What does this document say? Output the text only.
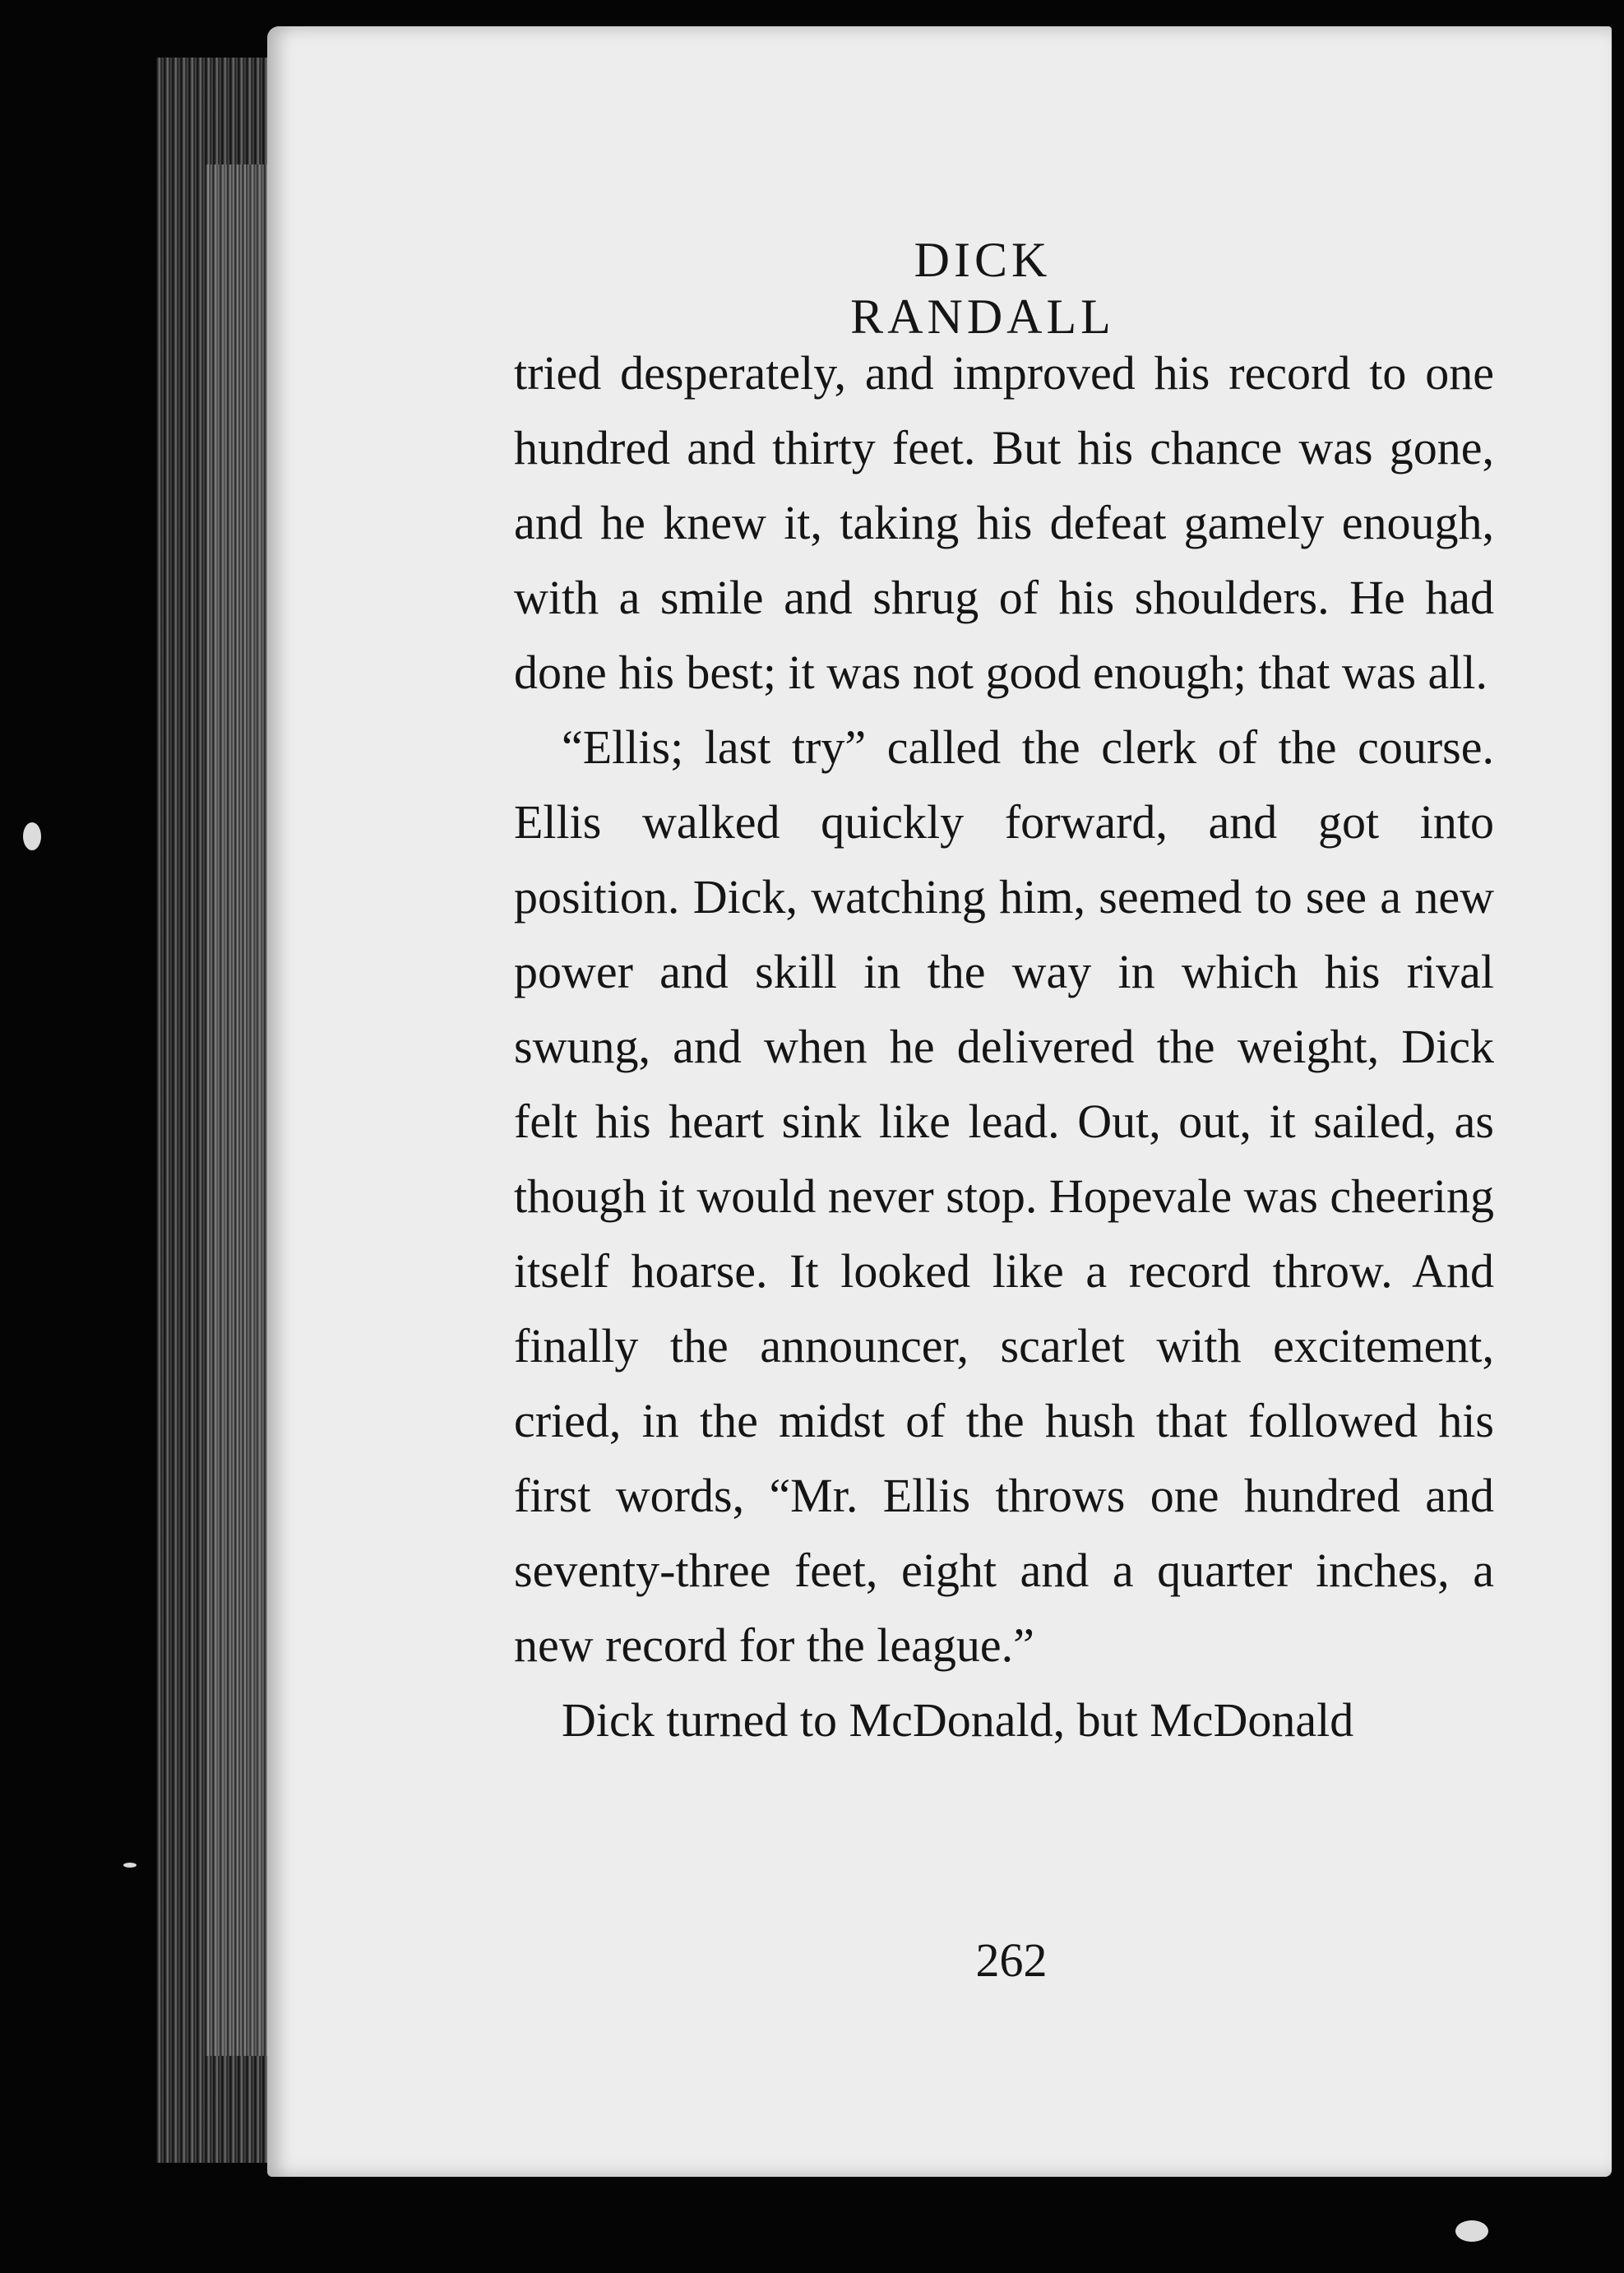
DICK RANDALL

tried desperately, and improved his record to one hundred and thirty feet. But his chance was gone, and he knew it, taking his defeat gamely enough, with a smile and shrug of his shoulders. He had done his best; it was not good enough; that was all.

“Ellis; last try” called the clerk of the course. Ellis walked quickly forward, and got into position. Dick, watching him, seemed to see a new power and skill in the way in which his rival swung, and when he delivered the weight, Dick felt his heart sink like lead. Out, out, it sailed, as though it would never stop. Hopevale was cheering itself hoarse. It looked like a record throw. And finally the announcer, scarlet with excitement, cried, in the midst of the hush that followed his first words, “Mr. Ellis throws one hundred and seventy-three feet, eight and a quarter inches, a new record for the league.”

Dick turned to McDonald, but McDonald

262
